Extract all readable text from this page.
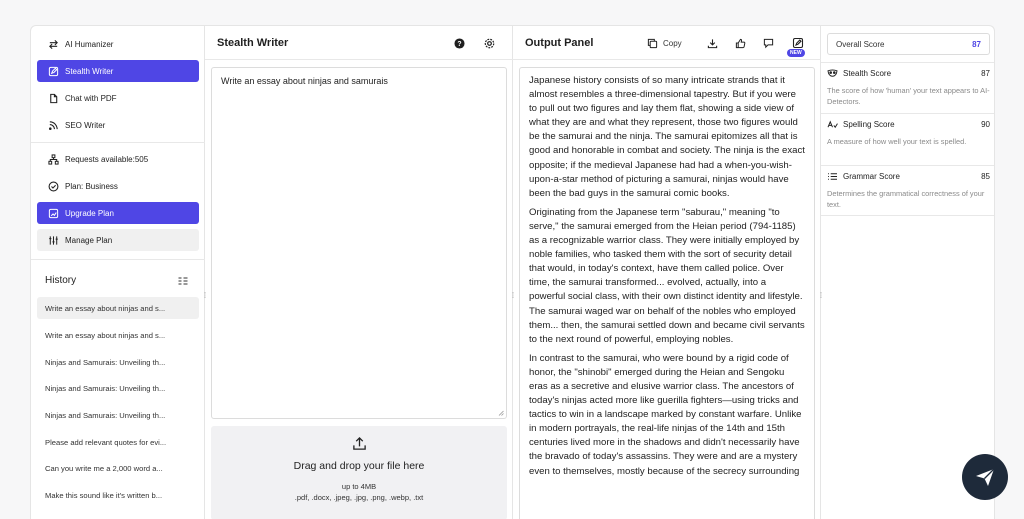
AI Humanizer
Stealth Writer
Chat with PDF
SEO Writer
Requests available:505
Plan: Business
Upgrade Plan
Manage Plan
History
Write an essay about ninjas and s...
Write an essay about ninjas and s...
Ninjas and Samurais: Unveiling th...
Ninjas and Samurais: Unveiling th...
Ninjas and Samurais: Unveiling th...
Please add relevant quotes for evi...
Can you write me a 2,000 word a...
Make this sound like it's written b...
⁞
Stealth Writer	?
Write an essay about ninjas and samurais
Drag and drop your file here
up to 4MB
.pdf, .docx, .jpeg, .jpg, .png, .webp, .txt
⁞
Output Panel	Copy

Japanese history consists of so many intricate strands that it almost resembles a three-dimensional tapestry. But if you were to pull out two figures and lay them flat, showing a side view of what they are and what they represent, those two figures would be the samurai and the ninja. The samurai epitomizes all that is good and honorable in combat and society. The ninja is the exact opposite; if the medieval Japanese had had a when-you-wish-upon-a-star method of picturing a samurai, ninjas would have been the bad guys in the samurai comic books.

Originating from the Japanese term "saburau," meaning "to serve," the samurai emerged from the Heian period (794-1185) as a recognizable warrior class. They were initially employed by noble families, who tasked them with the sort of security detail that would, in today's context, have them called police. Over time, the samurai transformed... evolved, actually, into a powerful social class, with their own distinct identity and lifestyle. The samurai waged war on behalf of the nobles who employed them... then, the samurai settled down and became civil servants to the next round of powerful, employing nobles.

In contrast to the samurai, who were bound by a rigid code of honor, the "shinobi" emerged during the Heian and Sengoku eras as a secretive and elusive warrior class. The ancestors of today's ninjas acted more like guerilla fighters—using tricks and tactics to win in a landscape marked by constant warfare. Unlike in modern portrayals, the real-life ninjas of the 14th and 15th centuries lived more in the shadows and didn't necessarily have the bravado of today's assassins. They were and are a mystery even to themselves, mostly because of the secrecy surrounding

⁞
Overall Score	87
Stealth Score	87
The score of how 'human' your text appears to AI-Detectors.
Spelling Score	90
A measure of how well your text is spelled.
Grammar Score	85
Determines the grammatical correctness of your text.
NEW
